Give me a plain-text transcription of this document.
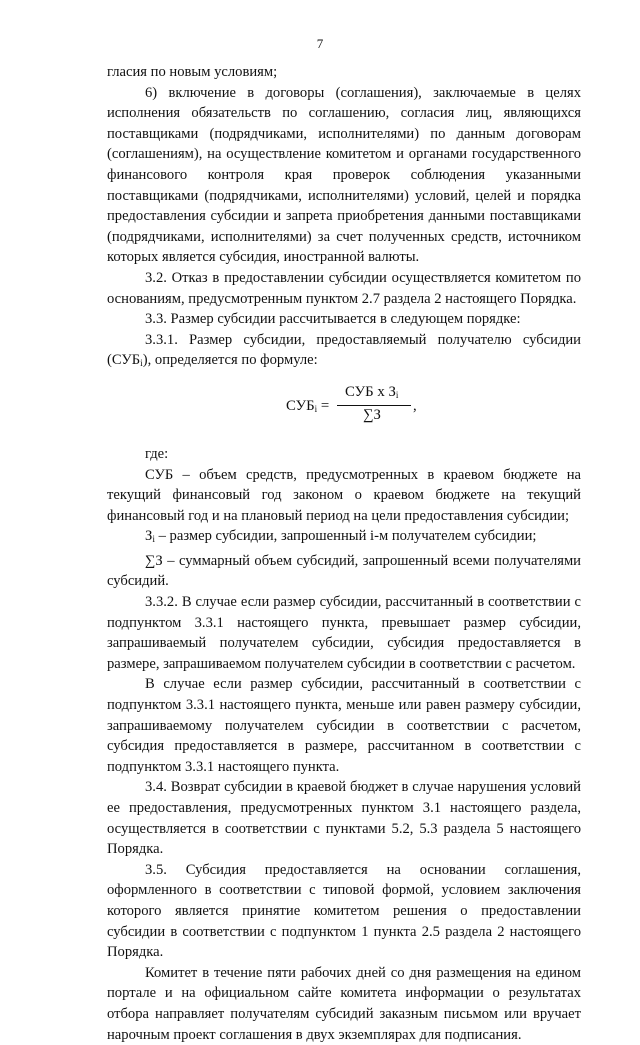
7

гласия по новым условиям;

6) включение в договоры (соглашения), заключаемые в целях исполнения обязательств по соглашению, согласия лиц, являющихся поставщиками (подрядчиками, исполнителями) по данным договорам (соглашениям), на осуществление комитетом и органами государственного финансового контроля края проверок соблюдения указанными поставщиками (подрядчиками, исполнителями) условий, целей и порядка предоставления субсидии и запрета приобретения данными поставщиками (подрядчиками, исполнителями) за счет полученных средств, источником которых является субсидия, иностранной валюты.

3.2. Отказ в предоставлении субсидии осуществляется комитетом по основаниям, предусмотренным пунктом 2.7 раздела 2 настоящего Порядка.

3.3. Размер субсидии рассчитывается в следующем порядке:

3.3.1. Размер субсидии, предоставляемый получателю субсидии $(СУБ_i)$, определяется по формуле:

$СУБ_i$ =
СУБ х $З_i$
∑З
,

где:

СУБ – объем средств, предусмотренных в краевом бюджете на текущий финансовый год законом о краевом бюджете на текущий финансовый год и на плановый период на цели предоставления субсидии;

$З_i$ – размер субсидии, запрошенный i-м получателем субсидии;

∑З – суммарный объем субсидий, запрошенный всеми получателями субсидий.

3.3.2. В случае если размер субсидии, рассчитанный в соответствии с подпунктом 3.3.1 настоящего пункта, превышает размер субсидии, запрашиваемый получателем субсидии, субсидия предоставляется в размере, запрашиваемом получателем субсидии в соответствии с расчетом.

В случае если размер субсидии, рассчитанный в соответствии с подпунктом 3.3.1 настоящего пункта, меньше или равен размеру субсидии, запрашиваемому получателем субсидии в соответствии с расчетом, субсидия предоставляется в размере, рассчитанном в соответствии с подпунктом 3.3.1 настоящего пункта.

3.4. Возврат субсидии в краевой бюджет в случае нарушения условий ее предоставления, предусмотренных пунктом 3.1 настоящего раздела, осуществляется в соответствии с пунктами 5.2, 5.3 раздела 5 настоящего Порядка.

3.5. Субсидия предоставляется на основании соглашения, оформленного в соответствии с типовой формой, условием заключения которого является принятие комитетом решения о предоставлении субсидии в соответствии с подпунктом 1 пункта 2.5 раздела 2 настоящего Порядка.

Комитет в течение пяти рабочих дней со дня размещения на едином портале и на официальном сайте комитета информации о результатах отбора направляет получателям субсидий заказным письмом или вручает нарочным проект соглашения в двух экземплярах для подписания.
